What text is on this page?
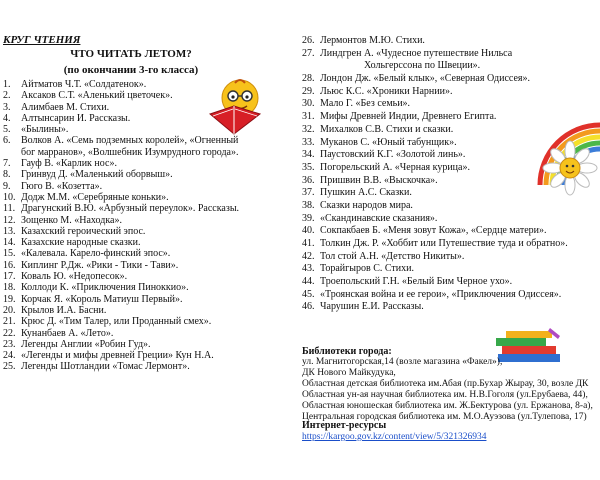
КРУГ ЧТЕНИЯ
ЧТО ЧИТАТЬ ЛЕТОМ?
(по окончании 3-го класса)
1.	Айтматов Ч.Т. «Солдатенок».
2.	Аксаков С.Т. «Аленький цветочек».
3.	Алимбаев М. Стихи.
4.	Алтынсарин И. Рассказы.
5.	«Былины».
6.	Волков А. «Семь подземных королей», «Огненный
бог марранов», «Волшебник Изумрудного города».
7.	Гауф В. «Карлик нос».
8.	Гринвуд Д. «Маленький оборвыш».
9.	Гюго В. «Козетта».
10. Додж М.М. «Серебряные коньки».
11. Драгунский В.Ю. «Арбузный переулок». Рассказы.
12. Зощенко М. «Находка».
13. Казахский героический эпос.
14. Казахские народные сказки.
15. «Калевала. Карело-финский эпос».
16. Киплинг Р.Дж. «Рики - Тики - Тави».
17. Коваль Ю. «Недопесок».
18. Коллоди К. «Приключения Пиноккио».
19. Корчак Я. «Король Матиуш Первый».
20. Крылов И.А. Басни.
21. Крюс Д. «Тим Талер, или Проданный смех».
22. Кунанбаев А. «Лето».
23. Легенды Англии «Робин Гуд».
24. «Легенды и мифы древней Греции» Кун Н.А.
25. Легенды Шотландии «Томас Лермонт».
26. Лермонтов М.Ю. Стихи.
27. Линдгрен А. «Чудесное путешествие Нильса
Хольгерссона по Швеции».
28. Лондон Дж. «Белый клык», «Северная Одиссея».
29. Льюс К.С. «Хроники Нарнии».
30. Мало Г. «Без семьи».
31. Мифы Древней Индии, Древнего Египта.
32. Михалков С.В. Стихи и сказки.
33. Муканов С. «Юный табунщик».
34. Паустовский К.Г. «Золотой линь».
35. Погорельский А. «Черная курица».
36. Пришвин В.В. «Выскочка».
37. Пушкин А.С. Сказки.
38. Сказки народов мира.
39. «Скандинавские сказания».
40. Сокпакбаев Б. «Меня зовут Кожа», «Сердце матери».
41. Толкин Дж. Р. «Хоббит или Путешествие туда и обратно».
42. Тол стой А.Н. «Детство Никиты».
43. Торайгыров С. Стихи.
44. Троепольский Г.Н. «Белый Бим Черное ухо».
45. «Троянская война и ее герои», «Приключения Одиссея».
46. Чарушин Е.И. Рассказы.
Библиотеки города:
ул. Магнитогорская,14 (возле магазина «Факел»),
ДК Нового Майкудука,
Областная детская библиотека им.Абая (пр.Бухар Жырау, 30, возле ДК
Областная ун-ая научная библиотека им. Н.В.Гоголя (ул.Ерубаева, 44),
Областная юношеская библиотека им. Ж.Бектурова (ул. Ержанова, 8-а),
Центральная городская библиотека им. М.О.Ауэзова (ул.Тулепова, 17)
Интернет-ресурсы
https://kargoo.gov.kz/content/view/5/321326934
